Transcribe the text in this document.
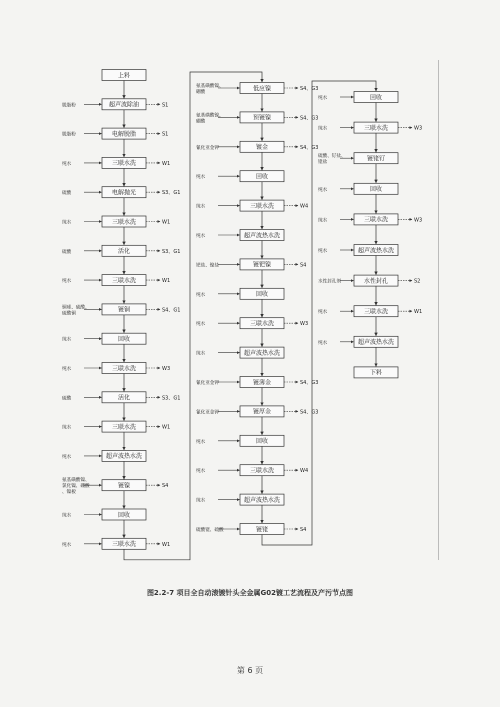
上料
超声波除油
脱脂粉	S1
电解脱脂
脱脂粉	S1
三联水洗
纯水	W1
电解抛光
硫酸	S3、G1
三联水洗
纯水	W1
活化
硫酸	S3、G1
三联水洗
纯水	W1
镀铜
铜球、硫酸、
硫酸铜
S4、G1
回收
纯水
三联水洗
纯水	W3
活化
硫酸	S3、G1
三联水洗
纯水	W1
超声波热水洗
纯水
镀镍
氨基磺酸镍、
氯化镍、硼酸
、镍板
S4
回收
纯水
三联水洗
纯水	W1
低应镍
氨基磺酸镍、
硼酸
S4、G3
预镀镍
氨基磺酸镍、
硼酸
S4、G3
镀金
氰化亚金钾	S4、G3
回收
纯水
三联水洗
纯水	W4
超声波热水洗
纯水
镀钯镍
钯盐、镍盐	S4
回收
纯水
三联水洗
纯水	W3
超声波热水洗
纯水
镀薄金
氰化亚金钾	S4、G3
镀厚金
氰化亚金钾	S4、G3
回收
纯水
三联水洗
纯水	W4
超声波热水洗
纯水
镀铑
硫酸铑、硫酸	S4
回收
纯水
三联水洗
纯水	W3
镀铑钌
硫酸、钌盐、
铑盐
回收
纯水
三联水洗
纯水	W3
超声波热水洗
纯水
水性封孔
水性封孔剂	S2
三联水洗
纯水	W1
超声波热水洗
纯水
下料
图2.2-7 项目全自动滚镀针头全金属G02镀工艺流程及产污节点图
第 6 页
